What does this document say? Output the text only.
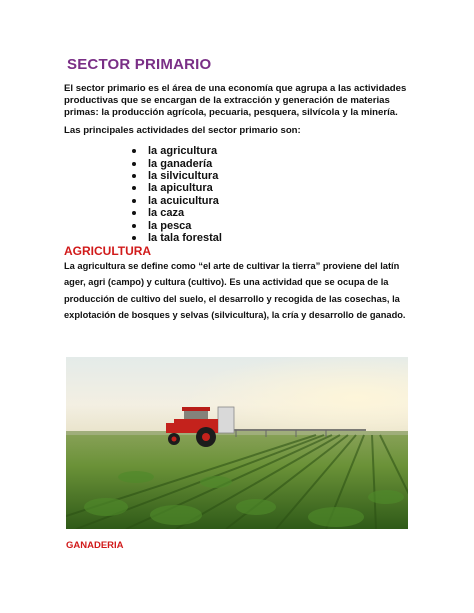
SECTOR PRIMARIO
El sector primario es el área de una economía que agrupa a las actividades productivas que se encargan de la extracción y generación de materias primas: la producción agrícola, pecuaria, pesquera, silvícola y la minería.
Las principales actividades del sector primario son:
la agricultura
la ganadería
la silvicultura
la apicultura
la acuicultura
la caza
la pesca
la tala forestal
AGRICULTURA
La agricultura se define como “el arte de cultivar la tierra” proviene del latín ager, agri (campo) y cultura (cultivo). Es una actividad que se ocupa de la producción de cultivo del suelo, el desarrollo y recogida de las cosechas, la explotación de bosques y selvas (silvicultura), la cría y desarrollo de ganado.
GANADERIA
